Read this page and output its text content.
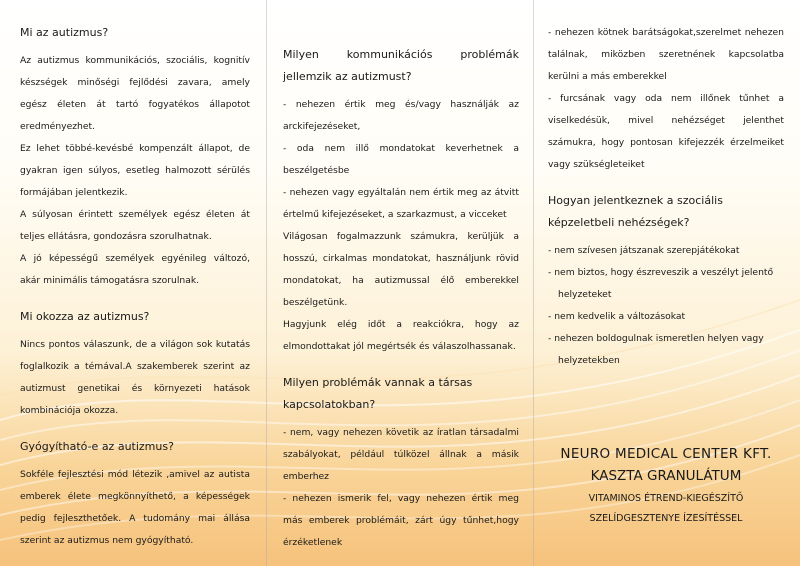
Mi az autizmus?

Az autizmus kommunikációs, szociális, kognitív készségek minőségi fejlődési zavara, amely egész életen át tartó fogyatékos állapotot eredményezhet.

Ez lehet többé-kevésbé kompenzált állapot, de gyakran igen súlyos, esetleg halmozott sérülés formájában jelentkezik.

A súlyosan érintett személyek egész életen át teljes ellátásra, gondozásra szorulhatnak.

A jó képességű személyek egyénileg változó, akár minimális támogatásra szorulnak.

Mi okozza az autizmus?

Nincs pontos válaszunk, de a világon sok kutatás foglalkozik a témával.A szakemberek szerint az autizmust genetikai és környezeti hatások kombinációja okozza.

Gyógyítható-e az autizmus?

Sokféle fejlesztési mód létezik ,amivel az autista emberek élete megkönnyíthető, a képességek pedig fejleszthetőek. A tudomány mai állása szerint az autizmus nem gyógyítható.

Milyen kommunikációs problémák jellemzik az autizmust?

- nehezen értik meg és/vagy használják az arckifejezéseket,

- oda nem illő mondatokat keverhetnek a beszélgetésbe

- nehezen vagy egyáltalán nem értik meg az átvitt értelmű kifejezéseket, a szarkazmust, a vicceket

Világosan fogalmazzunk számukra, kerüljük a hosszú, cirkalmas mondatokat, használjunk rövid mondatokat, ha autizmussal élő emberekkel beszélgetünk.

Hagyjunk elég időt a reakciókra, hogy az elmondottakat jól megértsék és válaszolhassanak.

Milyen problémák vannak a társas kapcsolatokban?

- nem, vagy nehezen követik az íratlan társadalmi szabályokat, például túlközel állnak a másik emberhez

- nehezen ismerik fel, vagy nehezen értik meg más emberek problémáit, zárt úgy tűnhet,hogy érzéketlenek

- nehezen kötnek barátságokat,szerelmet nehezen találnak, miközben szeretnének kapcsolatba kerülni a más emberekkel

- furcsának vagy oda nem illőnek tűnhet a viselkedésük, mivel nehézséget jelenthet számukra, hogy pontosan kifejezzék érzelmeiket vagy szükségleteiket

Hogyan jelentkeznek a szociális képzeletbeli nehézségek?

- nem szívesen játszanak szerepjátékokat

- nem biztos, hogy észreveszik a veszélyt jelentő

helyzeteket

- nem kedvelik a változásokat

- nehezen boldogulnak ismeretlen helyen vagy

helyzetekben

NEURO MEDICAL CENTER KFT.
KASZTA GRANULÁTUM
VITAMINOS ÉTREND-KIEGÉSZÍTŐ
SZELÍDGESZTENYE ÍZESÍTÉSSEL
